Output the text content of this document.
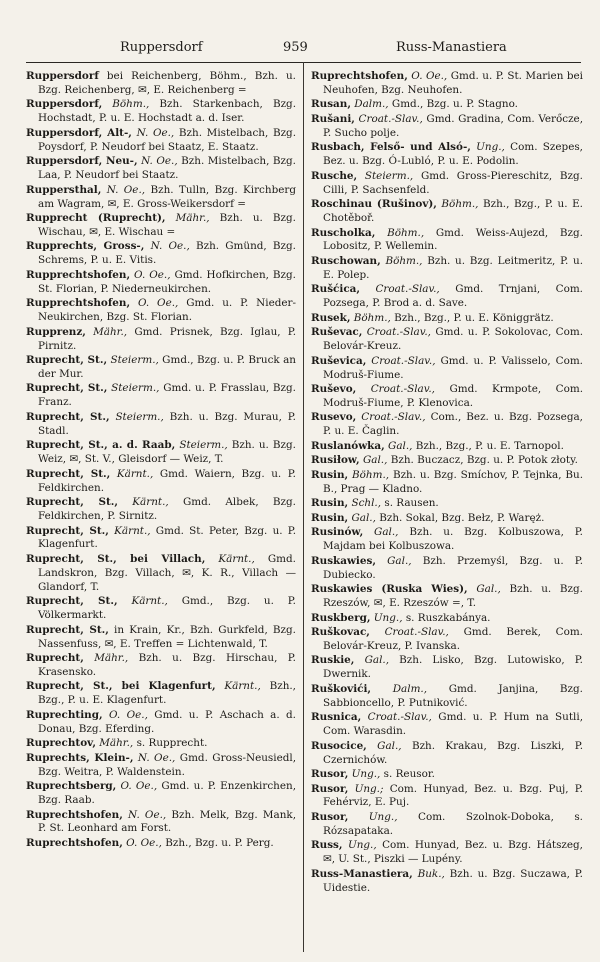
Ruppersdorf	959	Russ-Manastiera

Ruppersdorf bei Reichenberg, Böhm., Bzh. u. Bzg. Reichenberg, ✉, E. Reichenberg =

Ruppersdorf, Böhm., Bzh. Starkenbach, Bzg. Hochstadt, P. u. E. Hochstadt a. d. Iser.

Ruppersdorf, Alt-, N. Oe., Bzh. Mistelbach, Bzg. Poysdorf, P. Neudorf bei Staatz, E. Staatz.

Ruppersdorf, Neu-, N. Oe., Bzh. Mistelbach, Bzg. Laa, P. Neudorf bei Staatz.

Ruppersthal, N. Oe., Bzh. Tulln, Bzg. Kirchberg am Wagram, ✉, E. Gross-Weikersdorf =

Rupprecht (Ruprecht), Mähr., Bzh. u. Bzg. Wischau, ✉, E. Wischau =

Rupprechts, Gross-, N. Oe., Bzh. Gmünd, Bzg. Schrems, P. u. E. Vitis.

Rupprechtshofen, O. Oe., Gmd. Hofkirchen, Bzg. St. Florian, P. Niederneukirchen.

Rupprechtshofen, O. Oe., Gmd. u. P. Nieder-Neukirchen, Bzg. St. Florian.

Rupprenz, Mähr., Gmd. Prisnek, Bzg. Iglau, P. Pirnitz.

Ruprecht, St., Steierm., Gmd., Bzg. u. P. Bruck an der Mur.

Ruprecht, St., Steierm., Gmd. u. P. Frasslau, Bzg. Franz.

Ruprecht, St., Steierm., Bzh. u. Bzg. Murau, P. Stadl.

Ruprecht, St., a. d. Raab, Steierm., Bzh. u. Bzg. Weiz, ✉, St. V., Gleisdorf — Weiz, T.

Ruprecht, St., Kärnt., Gmd. Waiern, Bzg. u. P. Feldkirchen.

Ruprecht, St., Kärnt., Gmd. Albek, Bzg. Feldkirchen, P. Sirnitz.

Ruprecht, St., Kärnt., Gmd. St. Peter, Bzg. u. P. Klagenfurt.

Ruprecht, St., bei Villach, Kärnt., Gmd. Landskron, Bzg. Villach, ✉, K. R., Villach — Glandorf, T.

Ruprecht, St., Kärnt., Gmd., Bzg. u. P. Völkermarkt.

Ruprecht, St., in Krain, Kr., Bzh. Gurkfeld, Bzg. Nassenfuss, ✉, E. Treffen = Lichtenwald, T.

Ruprecht, Mähr., Bzh. u. Bzg. Hirschau, P. Krasensko.

Ruprecht, St., bei Klagenfurt, Kärnt., Bzh., Bzg., P. u. E. Klagenfurt.

Ruprechting, O. Oe., Gmd. u. P. Aschach a. d. Donau, Bzg. Eferding.

Ruprechtov, Mähr., s. Rupprecht.

Ruprechts, Klein-, N. Oe., Gmd. Gross-Neusiedl, Bzg. Weitra, P. Waldenstein.

Ruprechtsberg, O. Oe., Gmd. u. P. Enzenkirchen, Bzg. Raab.

Ruprechtshofen, N. Oe., Bzh. Melk, Bzg. Mank, P. St. Leonhard am Forst.

Ruprechtshofen, O. Oe., Bzh., Bzg. u. P. Perg.

Ruprechtshofen, O. Oe., Gmd. u. P. St. Marien bei Neuhofen, Bzg. Neuhofen.

Rusan, Dalm., Gmd., Bzg. u. P. Stagno.

Rušani, Croat.-Slav., Gmd. Gradina, Com. Verőcze, P. Sucho polje.

Rusbach, Felső- und Alsó-, Ung., Com. Szepes, Bez. u. Bzg. Ó-Lubló, P. u. E. Podolin.

Rusche, Steierm., Gmd. Gross-Piereschitz, Bzg. Cilli, P. Sachsenfeld.

Roschinau (Rušinov), Böhm., Bzh., Bzg., P. u. E. Chotěboř.

Ruscholka, Böhm., Gmd. Weiss-Aujezd, Bzg. Lobositz, P. Wellemin.

Ruschowan, Böhm., Bzh. u. Bzg. Leitmeritz, P. u. E. Polep.

Rušćica, Croat.-Slav., Gmd. Trnjani, Com. Pozsega, P. Brod a. d. Save.

Rusek, Böhm., Bzh., Bzg., P. u. E. Königgrätz.

Ruševac, Croat.-Slav., Gmd. u. P. Sokolovac, Com. Belovár-Kreuz.

Ruševica, Croat.-Slav., Gmd. u. P. Valisselo, Com. Modruš-Fiume.

Ruševo, Croat.-Slav., Gmd. Krmpote, Com. Modruš-Fiume, P. Klenovica.

Rusevo, Croat.-Slav., Com., Bez. u. Bzg. Pozsega, P. u. E. Čaglin.

Ruslanówka, Gal., Bzh., Bzg., P. u. E. Tarnopol.

Rusiłow, Gal., Bzh. Buczacz, Bzg. u. P. Potok złoty.

Rusin, Böhm., Bzh. u. Bzg. Smíchov, P. Tejnka, Bu. B., Prag — Kladno.

Rusin, Schl., s. Rausen.

Rusin, Gal., Bzh. Sokal, Bzg. Bełz, P. Waręż.

Rusinów, Gal., Bzh. u. Bzg. Kolbuszowa, P. Majdam bei Kolbuszowa.

Ruskawies, Gal., Bzh. Przemyśl, Bzg. u. P. Dubiecko.

Ruskawies (Ruska Wies), Gal., Bzh. u. Bzg. Rzeszów, ✉, E. Rzeszów =, T.

Ruskberg, Ung., s. Ruszkabánya.

Ruškovac, Croat.-Slav., Gmd. Berek, Com. Belovár-Kreuz, P. Ivanska.

Ruskie, Gal., Bzh. Lisko, Bzg. Lutowisko, P. Dwernik.

Ruškovići, Dalm., Gmd. Janjina, Bzg. Sabbioncello, P. Putniković.

Rusnica, Croat.-Slav., Gmd. u. P. Hum na Sutli, Com. Warasdin.

Rusocice, Gal., Bzh. Krakau, Bzg. Liszki, P. Czernichów.

Rusor, Ung., s. Reusor.

Rusor, Ung.; Com. Hunyad, Bez. u. Bzg. Puj, P. Fehérviz, E. Puj.

Rusor, Ung., Com. Szolnok-Doboka, s. Rózsapataka.

Russ, Ung., Com. Hunyad, Bez. u. Bzg. Hátszeg, ✉, U. St., Piszki — Lupény.

Russ-Manastiera, Buk., Bzh. u. Bzg. Suczawa, P. Uidestie.
